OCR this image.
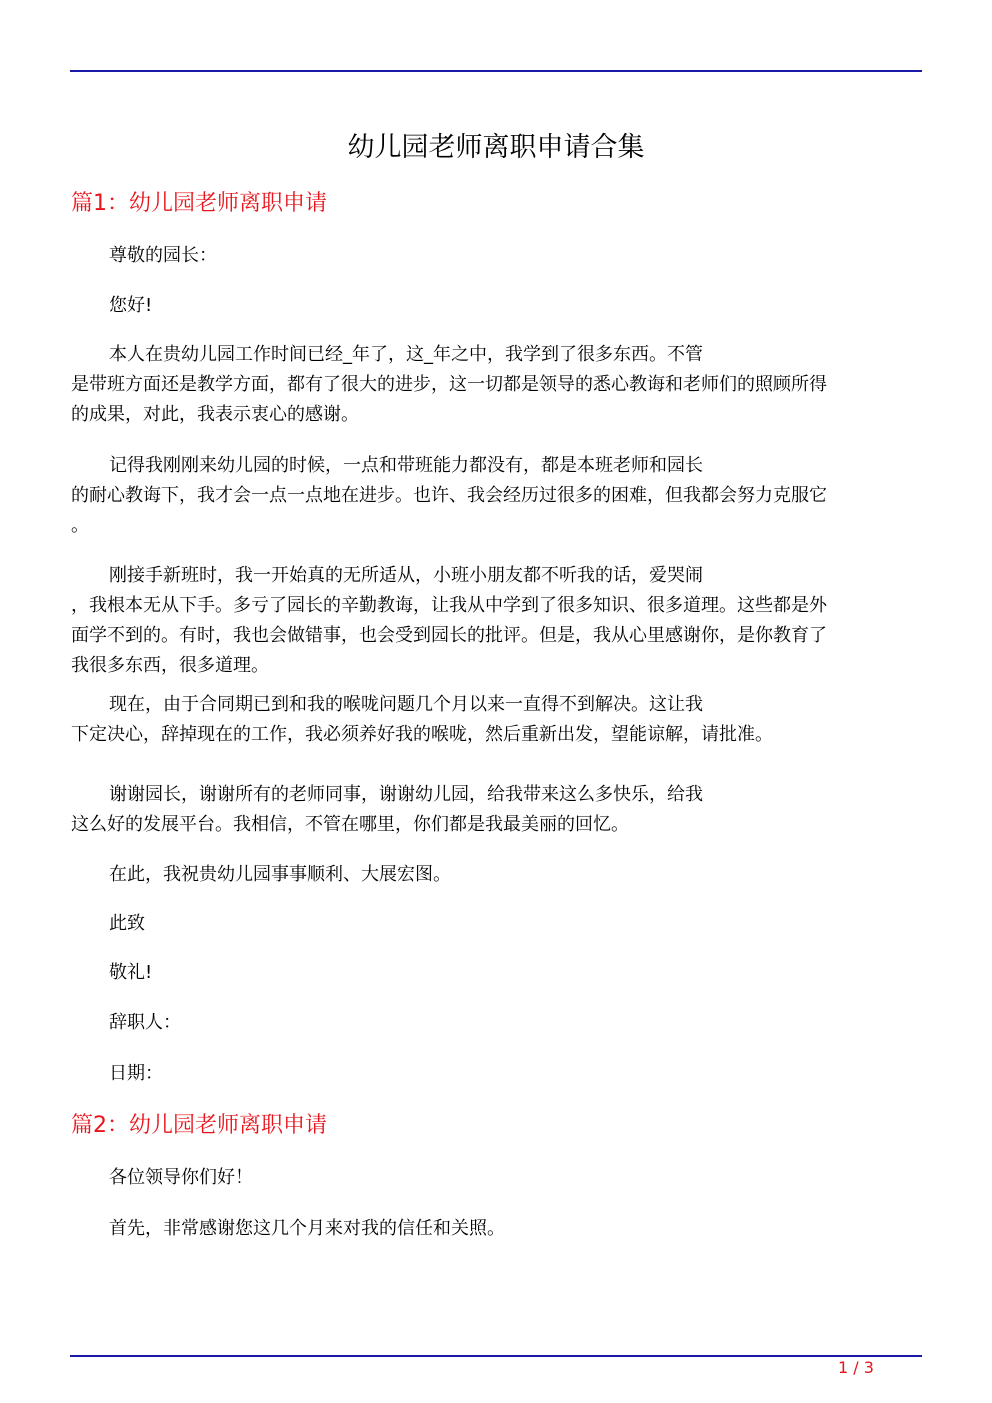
幼儿园老师离职申请合集
篇1：幼儿园老师离职申请
尊敬的园长：
您好!
本人在贵幼儿园工作时间已经_年了，这_年之中，我学到了很多东西。不管
是带班方面还是教学方面，都有了很大的进步，这一切都是领导的悉心教诲和老师们的照顾所得
的成果，对此，我表示衷心的感谢。
记得我刚刚来幼儿园的时候，一点和带班能力都没有，都是本班老师和园长
的耐心教诲下，我才会一点一点地在进步。也许、我会经历过很多的困难，但我都会努力克服它
。
刚接手新班时，我一开始真的无所适从，小班小朋友都不听我的话，爱哭闹
，我根本无从下手。多亏了园长的辛勤教诲，让我从中学到了很多知识、很多道理。这些都是外
面学不到的。有时，我也会做错事，也会受到园长的批评。但是，我从心里感谢你，是你教育了
我很多东西，很多道理。
现在，由于合同期已到和我的喉咙问题几个月以来一直得不到解决。这让我
下定决心，辞掉现在的工作，我必须养好我的喉咙，然后重新出发，望能谅解，请批准。
谢谢园长，谢谢所有的老师同事，谢谢幼儿园，给我带来这么多快乐，给我
这么好的发展平台。我相信，不管在哪里，你们都是我最美丽的回忆。
在此，我祝贵幼儿园事事顺利、大展宏图。
此致
敬礼!
辞职人：
日期：
篇2：幼儿园老师离职申请
各位领导你们好！
首先，非常感谢您这几个月来对我的信任和关照。
1 / 3
